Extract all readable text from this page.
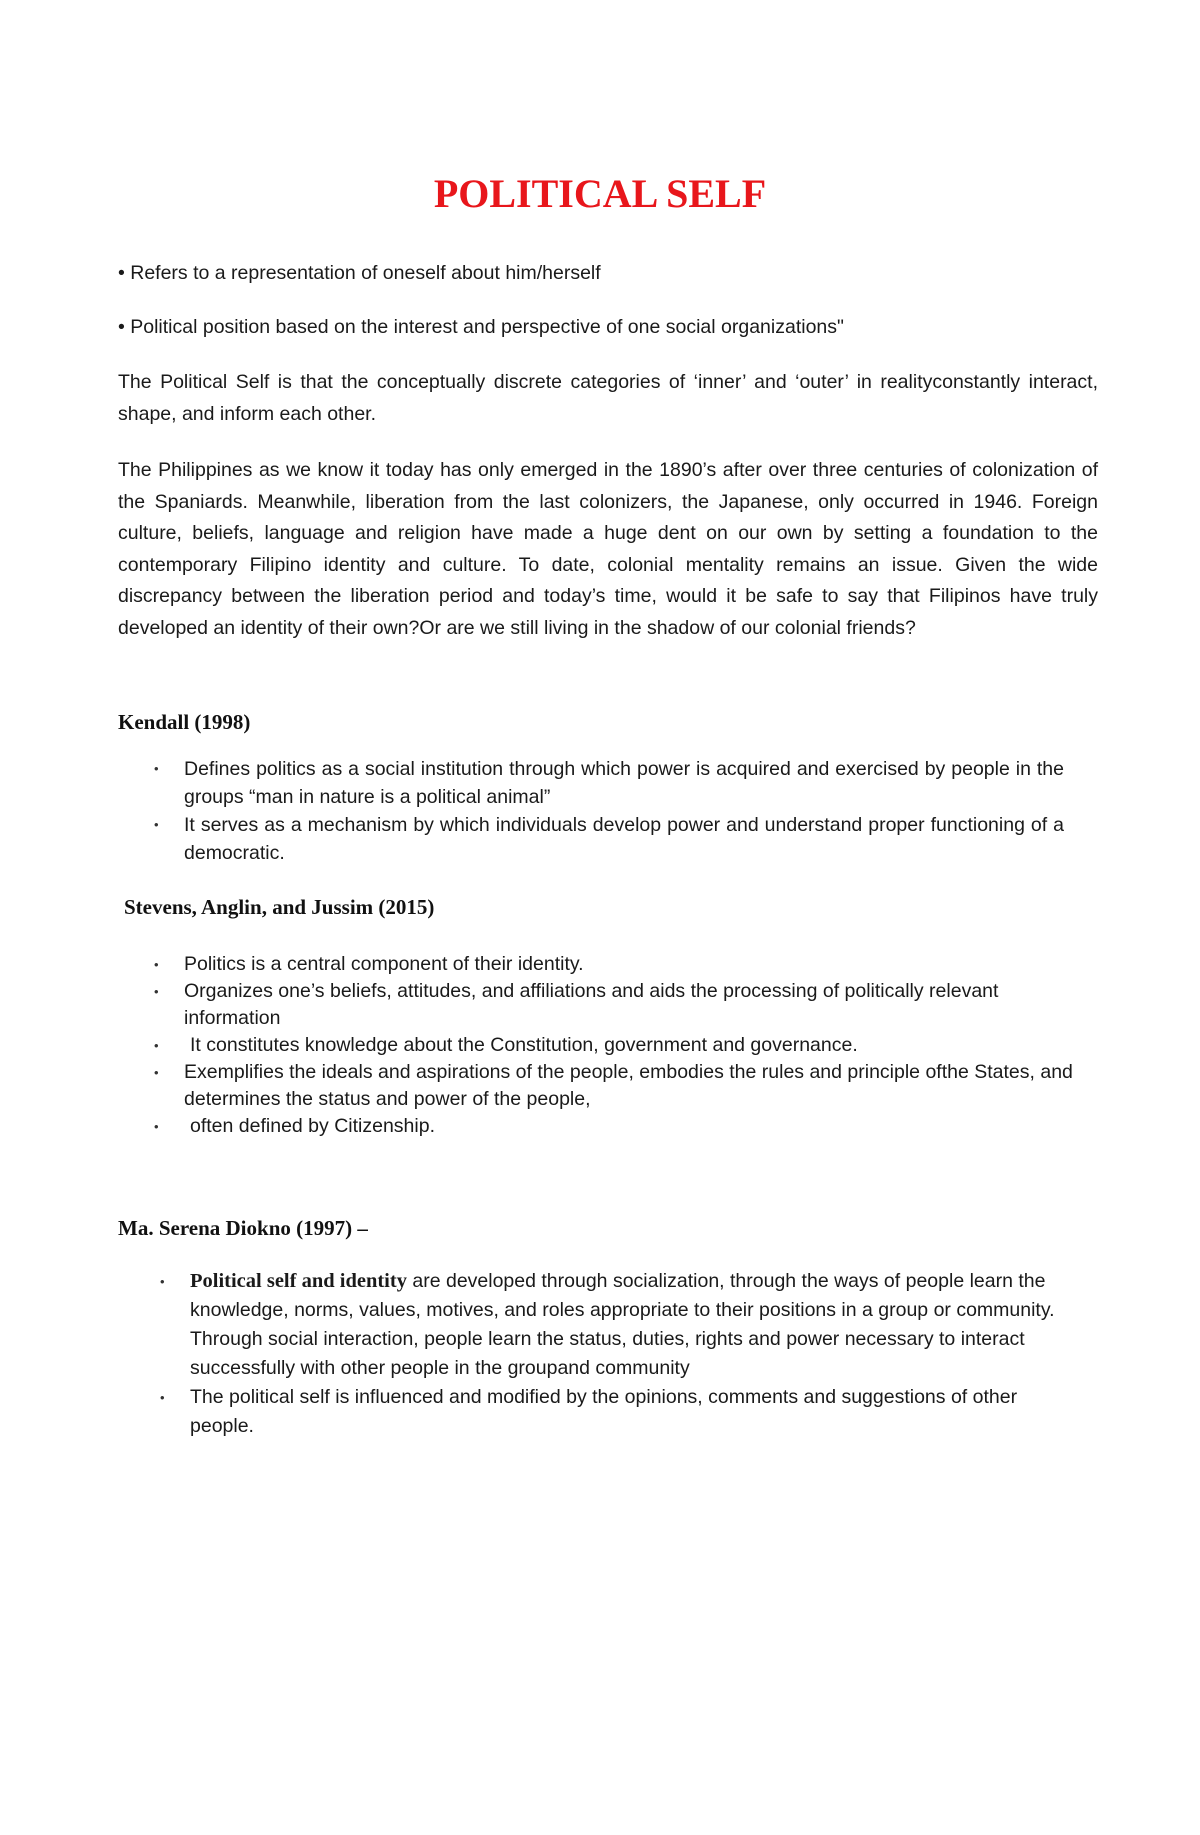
POLITICAL SELF

• Refers to a representation of oneself about him/herself

• Political position based on the interest and perspective of one social organizations"

The Political Self is that the conceptually discrete categories of ‘inner’ and ‘outer’ in realityconstantly interact, shape, and inform each other.

The Philippines as we know it today has only emerged in the 1890’s after over three centuries of colonization of the Spaniards. Meanwhile, liberation from the last colonizers, the Japanese, only occurred in 1946. Foreign culture, beliefs, language and religion have made a huge dent on our own by setting a foundation to the contemporary Filipino identity and culture. To date, colonial mentality remains an issue. Given the wide discrepancy between the liberation period and today’s time, would it be safe to say that Filipinos have truly developed an identity of their own?Or are we still living in the shadow of our colonial friends?

Kendall (1998)

• Defines politics as a social institution through which power is acquired and exercised by people in the groups “man in nature is a political animal”
• It serves as a mechanism by which individuals develop power and understand proper functioning of a democratic.

Stevens, Anglin, and Jussim (2015)

• Politics is a central component of their identity.
• Organizes one’s beliefs, attitudes, and affiliations and aids the processing of politically relevant information
• It constitutes knowledge about the Constitution, government and governance.
• Exemplifies the ideals and aspirations of the people, embodies the rules and principle ofthe States, and determines the status and power of the people,
• often defined by Citizenship.

Ma. Serena Diokno (1997) –

• Political self and identity are developed through socialization, through the ways of people learn the knowledge, norms, values, motives, and roles appropriate to their positions in a group or community. Through social interaction, people learn the status, duties, rights and power necessary to interact successfully with other people in the groupand community
• The political self is influenced and modified by the opinions, comments and suggestions of other people.
